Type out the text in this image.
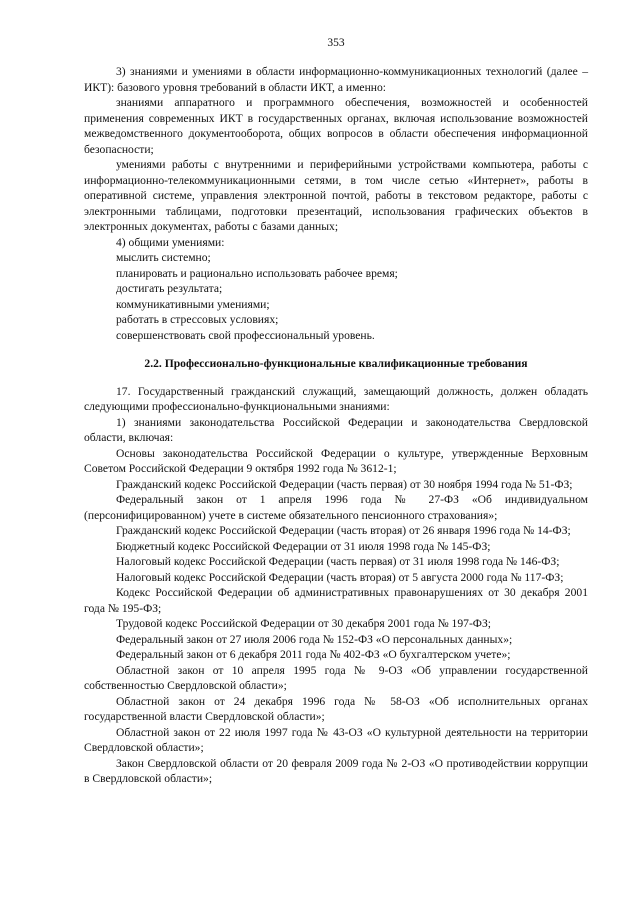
353

3) знаниями и умениями в области информационно-коммуникационных технологий (далее – ИКТ): базового уровня требований в области ИКТ, а именно:

знаниями аппаратного и программного обеспечения, возможностей и особенностей применения современных ИКТ в государственных органах, включая использование возможностей межведомственного документооборота, общих вопросов в области обеспечения информационной безопасности;

умениями работы с внутренними и периферийными устройствами компьютера, работы с информационно-телекоммуникационными сетями, в том числе сетью «Интернет», работы в оперативной системе, управления электронной почтой, работы в текстовом редакторе, работы с электронными таблицами, подготовки презентаций, использования графических объектов в электронных документах, работы с базами данных;

4) общими умениями:

мыслить системно;

планировать и рационально использовать рабочее время;

достигать результата;

коммуникативными умениями;

работать в стрессовых условиях;

совершенствовать свой профессиональный уровень.

2.2. Профессионально-функциональные квалификационные требования

17. Государственный гражданский служащий, замещающий должность, должен обладать следующими профессионально-функциональными знаниями:

1) знаниями законодательства Российской Федерации и законодательства Свердловской области, включая:

Основы законодательства Российской Федерации о культуре, утвержденные Верховным Советом Российской Федерации 9 октября 1992 года № 3612-1;

Гражданский кодекс Российской Федерации (часть первая) от 30 ноября 1994 года № 51-ФЗ;

Федеральный закон от 1 апреля 1996 года № 27-ФЗ «Об индивидуальном (персонифицированном) учете в системе обязательного пенсионного страхования»;

Гражданский кодекс Российской Федерации (часть вторая) от 26 января 1996 года № 14-ФЗ;

Бюджетный кодекс Российской Федерации от 31 июля 1998 года № 145-ФЗ;

Налоговый кодекс Российской Федерации (часть первая) от 31 июля 1998 года № 146-ФЗ;

Налоговый кодекс Российской Федерации (часть вторая) от 5 августа 2000 года № 117-ФЗ;

Кодекс Российской Федерации об административных правонарушениях от 30 декабря 2001 года № 195-ФЗ;

Трудовой кодекс Российской Федерации от 30 декабря 2001 года № 197-ФЗ;

Федеральный закон от 27 июля 2006 года № 152-ФЗ «О персональных данных»;

Федеральный закон от 6 декабря 2011 года № 402-ФЗ «О бухгалтерском учете»;

Областной закон от 10 апреля 1995 года № 9-ОЗ «Об управлении государственной собственностью Свердловской области»;

Областной закон от 24 декабря 1996 года № 58-ОЗ «Об исполнительных органах государственной власти Свердловской области»;

Областной закон от 22 июля 1997 года № 43-ОЗ «О культурной деятельности на территории Свердловской области»;

Закон Свердловской области от 20 февраля 2009 года № 2-ОЗ «О противодействии коррупции в Свердловской области»;
